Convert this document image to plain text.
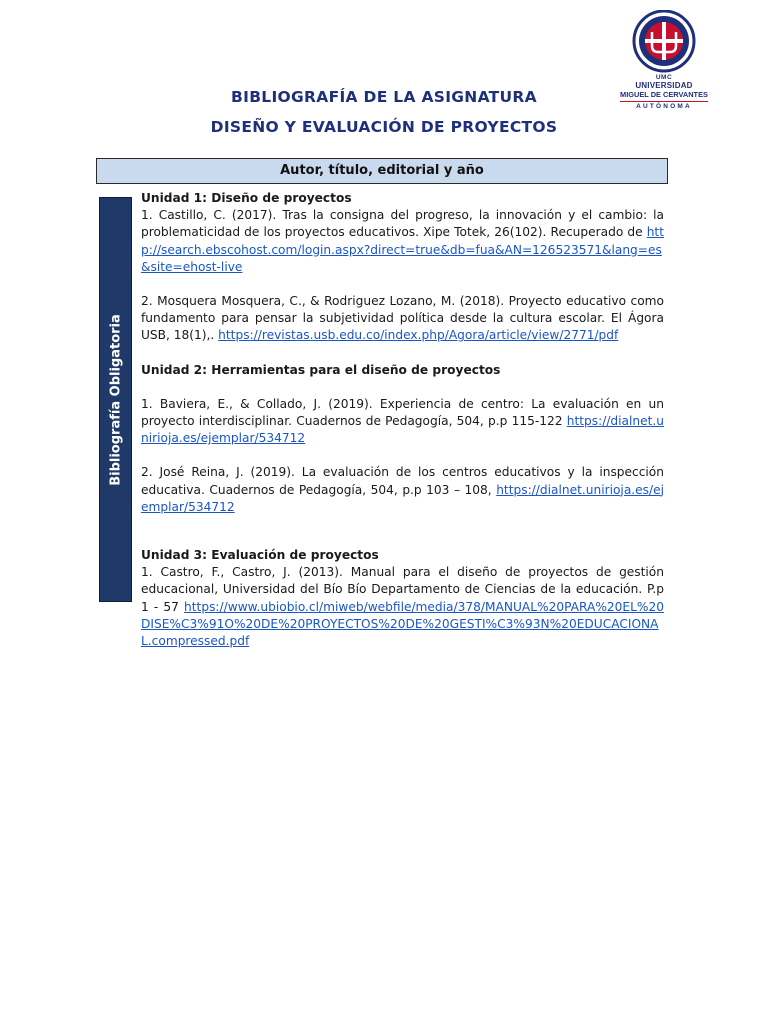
UMC
UNIVERSIDAD
MIGUEL DE CERVANTES
AUTÓNOMA
BIBLIOGRAFÍA DE LA ASIGNATURA
DISEÑO Y EVALUACIÓN DE PROYECTOS
Autor, título, editorial y año
Bibliografía Obligatoria
Unidad 1: Diseño de proyectos
1. Castillo, C. (2017). Tras la consigna del progreso, la innovación y el cambio: la problematicidad de los proyectos educativos. Xipe Totek, 26(102). Recuperado de http://search.ebscohost.com/login.aspx?direct=true&db=fua&AN=126523571&lang=es&site=ehost-live
2. Mosquera Mosquera, C., & Rodriguez Lozano, M. (2018). Proyecto educativo como fundamento para pensar la subjetividad política desde la cultura escolar. El Ágora USB, 18(1),. https://revistas.usb.edu.co/index.php/Agora/article/view/2771/pdf
Unidad 2: Herramientas para el diseño de proyectos
1. Baviera, E., & Collado, J. (2019). Experiencia de centro: La evaluación en un proyecto interdisciplinar. Cuadernos de Pedagogía, 504, p.p 115-122 https://dialnet.unirioja.es/ejemplar/534712
2. José Reina, J. (2019). La evaluación de los centros educativos y la inspección educativa. Cuadernos de Pedagogía, 504, p.p 103 – 108, https://dialnet.unirioja.es/ejemplar/534712
Unidad 3: Evaluación de proyectos
1. Castro, F., Castro, J. (2013). Manual para el diseño de proyectos de gestión educacional, Universidad del Bío Bío Departamento de Ciencias de la educación. P.p 1 - 57 https://www.ubiobio.cl/miweb/webfile/media/378/MANUAL%20PARA%20EL%20DISE%C3%91O%20DE%20PROYECTOS%20DE%20GESTI%C3%93N%20EDUCACIONAL.compressed.pdf
